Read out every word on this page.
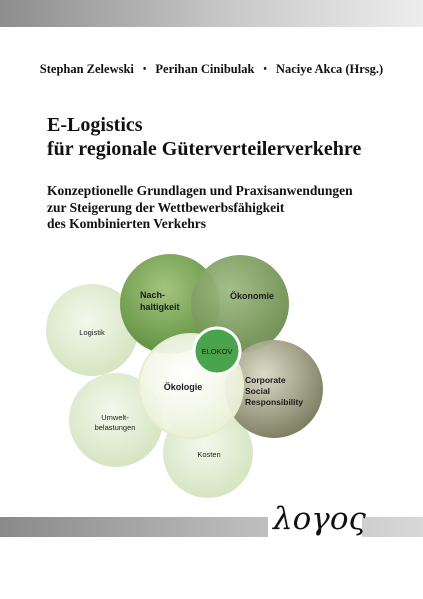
Stephan Zelewski • Perihan Cinibulak • Naciye Akca (Hrsg.)
E-Logistics
für regionale Güterverteilerverkehre
Konzeptionelle Grundlagen und Praxisanwendungen
zur Steigerung der Wettbewerbsfähigkeit
des Kombinierten Verkehrs
Logistik
Umwelt-
belastungen
Kosten
Nach-
haltigkeit
Ökonomie
Corporate
Social
Responsibility
Ökologie
ELOKOV
λογος
